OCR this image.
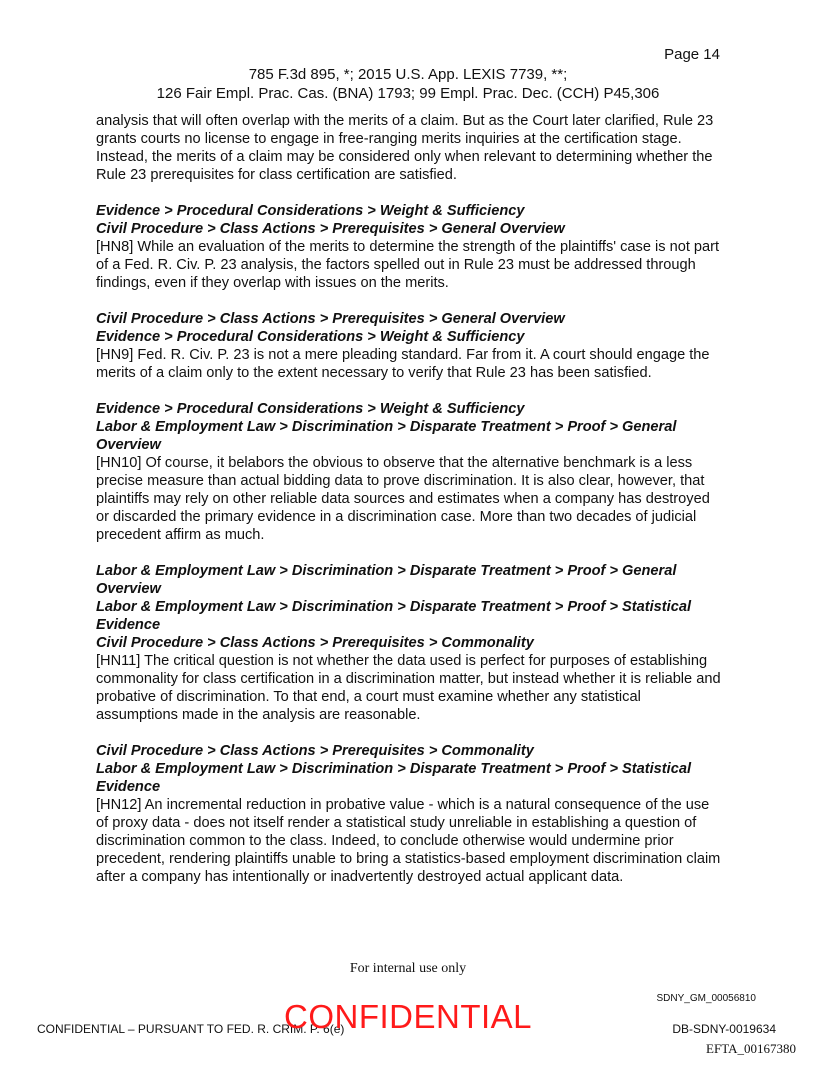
Page 14
785 F.3d 895, *; 2015 U.S. App. LEXIS 7739, **;
126 Fair Empl. Prac. Cas. (BNA) 1793; 99 Empl. Prac. Dec. (CCH) P45,306

analysis that will often overlap with the merits of a claim. But as the Court later clarified, Rule 23 grants courts no license to engage in free-ranging merits inquiries at the certification stage. Instead, the merits of a claim may be considered only when relevant to determining whether the Rule 23 prerequisites for class certification are satisfied.

Evidence > Procedural Considerations > Weight & Sufficiency
Civil Procedure > Class Actions > Prerequisites > General Overview

[HN8] While an evaluation of the merits to determine the strength of the plaintiffs' case is not part of a Fed. R. Civ. P. 23 analysis, the factors spelled out in Rule 23 must be addressed through findings, even if they overlap with issues on the merits.

Civil Procedure > Class Actions > Prerequisites > General Overview
Evidence > Procedural Considerations > Weight & Sufficiency

[HN9] Fed. R. Civ. P. 23 is not a mere pleading standard. Far from it. A court should engage the merits of a claim only to the extent necessary to verify that Rule 23 has been satisfied.

Evidence > Procedural Considerations > Weight & Sufficiency
Labor & Employment Law > Discrimination > Disparate Treatment > Proof > General Overview

[HN10] Of course, it belabors the obvious to observe that the alternative benchmark is a less precise measure than actual bidding data to prove discrimination. It is also clear, however, that plaintiffs may rely on other reliable data sources and estimates when a company has destroyed or discarded the primary evidence in a discrimination case. More than two decades of judicial precedent affirm as much.

Labor & Employment Law > Discrimination > Disparate Treatment > Proof > General Overview
Labor & Employment Law > Discrimination > Disparate Treatment > Proof > Statistical Evidence
Civil Procedure > Class Actions > Prerequisites > Commonality

[HN11] The critical question is not whether the data used is perfect for purposes of establishing commonality for class certification in a discrimination matter, but instead whether it is reliable and probative of discrimination. To that end, a court must examine whether any statistical assumptions made in the analysis are reasonable.

Civil Procedure > Class Actions > Prerequisites > Commonality
Labor & Employment Law > Discrimination > Disparate Treatment > Proof > Statistical Evidence

[HN12] An incremental reduction in probative value - which is a natural consequence of the use of proxy data - does not itself render a statistical study unreliable in establishing a question of discrimination common to the class. Indeed, to conclude otherwise would undermine prior precedent, rendering plaintiffs unable to bring a statistics-based employment discrimination claim after a company has intentionally or inadvertently destroyed actual applicant data.

For internal use only
SDNY_GM_00056810
CONFIDENTIAL – PURSUANT TO FED. R. CRIM. P. 6(e)
CONFIDENTIAL	DB-SDNY-0019634
EFTA_00167380
